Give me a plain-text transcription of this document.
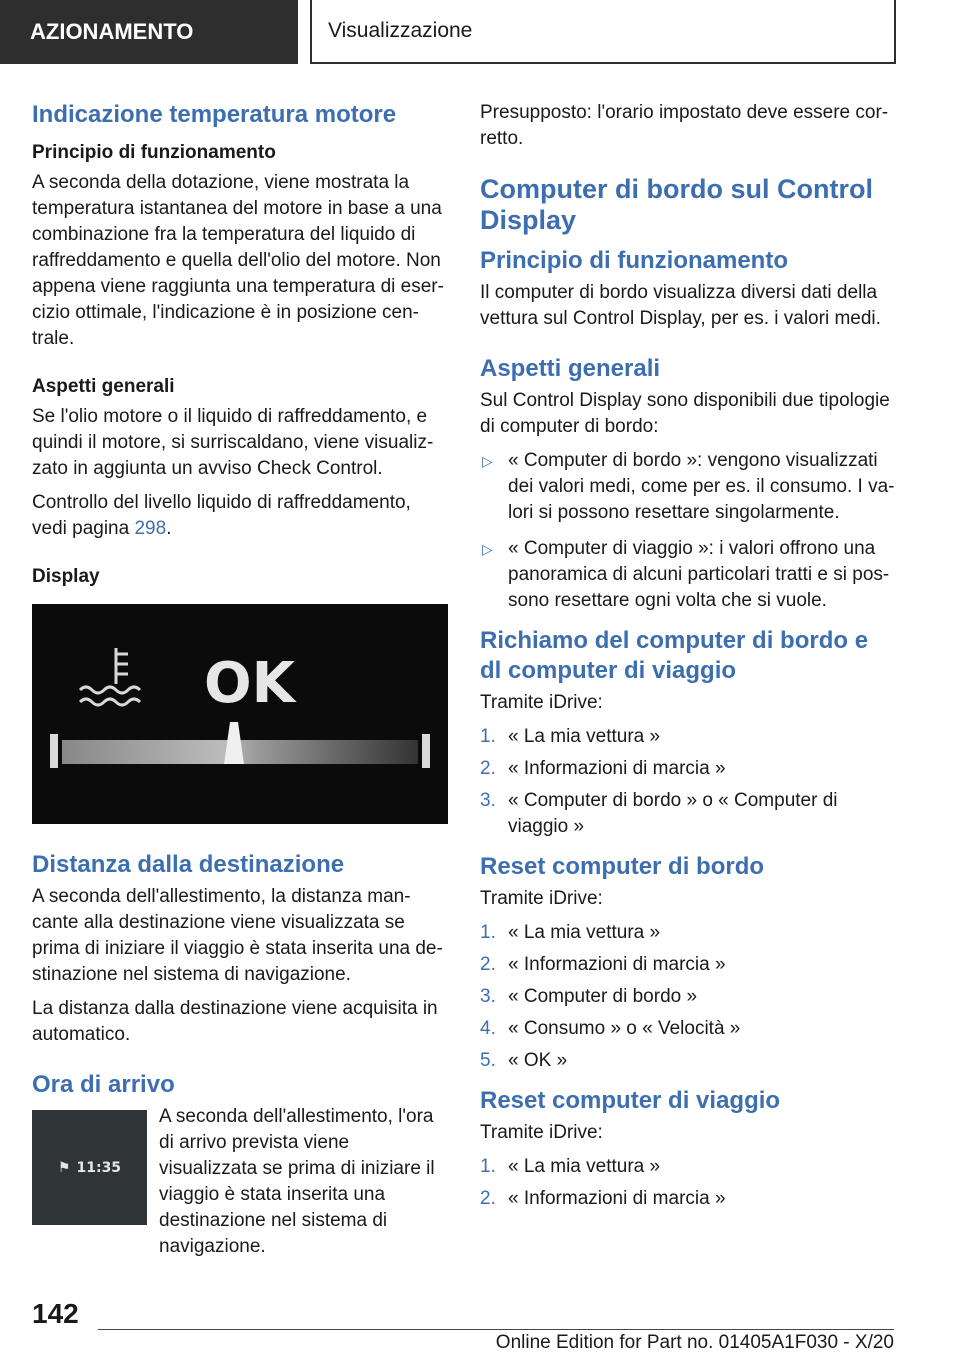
AZIONAMENTO	Visualizzazione
Indicazione temperatura motore
Principio di funzionamento

A seconda della dotazione, viene mostrata la temperatura istantanea del motore in base a una combinazione fra la temperatura del liquido di raffreddamento e quella dell'olio del motore. Non appena viene raggiunta una temperatura di eser-cizio ottimale, l'indicazione è in posizione cen-trale.

Aspetti generali

Se l'olio motore o il liquido di raffreddamento, e quindi il motore, si surriscaldano, viene visualiz-zato in aggiunta un avviso Check Control.

Controllo del livello liquido di raffreddamento, vedi pagina 298.

Display
OK
Distanza dalla destinazione

A seconda dell'allestimento, la distanza man-cante alla destinazione viene visualizzata se prima di iniziare il viaggio è stata inserita una de-stinazione nel sistema di navigazione.

La distanza dalla destinazione viene acquisita in automatico.

Ora di arrivo
⚑ 11:35

A seconda dell'allestimento, l'ora di arrivo prevista viene visualizzata se prima di iniziare il viaggio è stata inserita una destinazione nel sistema di navigazione.

Presupposto: l'orario impostato deve essere cor-retto.

Computer di bordo sul Control Display
Principio di funzionamento

Il computer di bordo visualizza diversi dati della vettura sul Control Display, per es. i valori medi.

Aspetti generali

Sul Control Display sono disponibili due tipologie di computer di bordo:

▷ « Computer di bordo »: vengono visualizzati dei valori medi, come per es. il consumo. I va-lori si possono resettare singolarmente.
▷ « Computer di viaggio »: i valori offrono una panoramica di alcuni particolari tratti e si pos-sono resettare ogni volta che si vuole.
Richiamo del computer di bordo e dl computer di viaggio

Tramite iDrive:

1. « La mia vettura »
2. « Informazioni di marcia »
3. « Computer di bordo » o « Computer di viaggio »
Reset computer di bordo

Tramite iDrive:

1. « La mia vettura »
2. « Informazioni di marcia »
3. « Computer di bordo »
4. « Consumo » o « Velocità »
5. « OK »
Reset computer di viaggio

Tramite iDrive:

1. « La mia vettura »
2. « Informazioni di marcia »
142
Online Edition for Part no. 01405A1F030 - X/20
